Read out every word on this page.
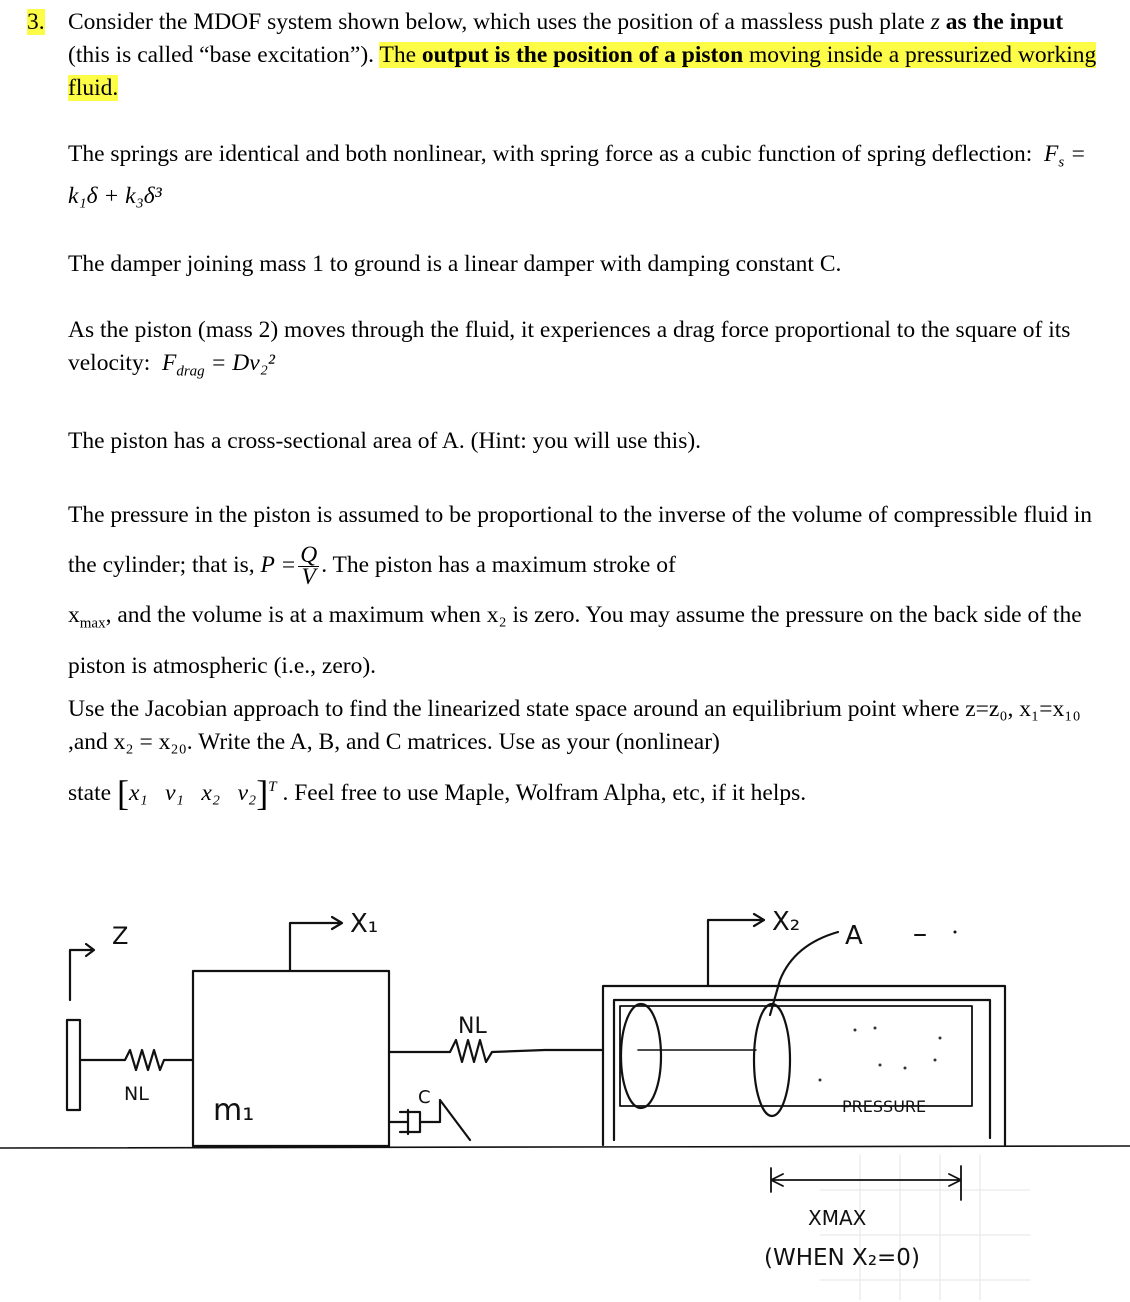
3. Consider the MDOF system shown below, which uses the position of a massless push plate z as the input (this is called “base excitation”). The output is the position of a piston moving inside a pressurized working fluid.
The springs are identical and both nonlinear, with spring force as a cubic function of spring deflection: $F_s = k_1\delta + k_3\delta^3$
The damper joining mass 1 to ground is a linear damper with damping constant C.
As the piston (mass 2) moves through the fluid, it experiences a drag force proportional to the square of its velocity: $F_{drag} = Dv_2^2$
The piston has a cross-sectional area of A. (Hint: you will use this).
The pressure in the piston is assumed to be proportional to the inverse of the volume of compressible fluid in the cylinder; that is, $P = \frac{Q}{V}$ . The piston has a maximum stroke of
$x_{max}$, and the volume is at a maximum when x₂ is zero. You may assume the pressure on the back side of the piston is atmospheric (i.e., zero).
Use the Jacobian approach to find the linearized state space around an equilibrium point where z=z₀, x₁=x₁₀ ,and x₂ = x₂₀. Write the A, B, and C matrices. Use as your (nonlinear)
state [x₁   v₁   x₂   v₂]$^T$ . Feel free to use Maple, Wolfram Alpha, etc, if it helps.
Z
NL m₁
X₁
NL
C	PRESSURE
X₂ A
XMAX
(WHEN X₂=0)
